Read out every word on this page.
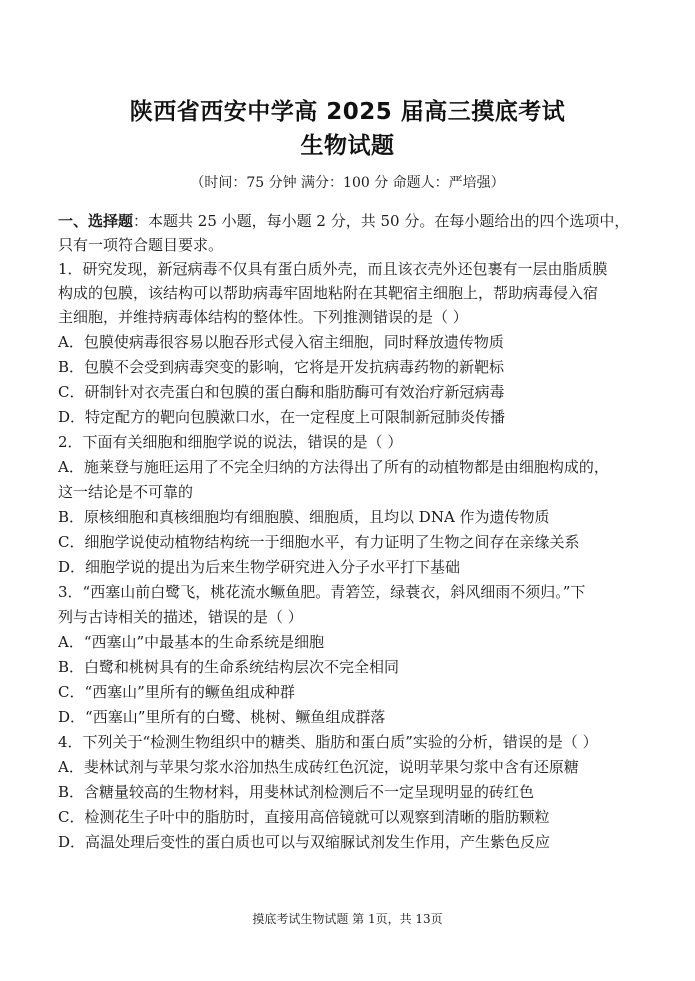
陕西省西安中学高 2025 届高三摸底考试
生物试题
（时间：75 分钟 满分：100 分 命题人：严培强）
一、选择题：本题共 25 小题，每小题 2 分，共 50 分。在每小题给出的四个选项中，
只有一项符合题目要求。
1．研究发现，新冠病毒不仅具有蛋白质外壳，而且该衣壳外还包裹有一层由脂质膜
构成的包膜，该结构可以帮助病毒牢固地粘附在其靶宿主细胞上，帮助病毒侵入宿
主细胞，并维持病毒体结构的整体性。下列推测错误的是（ ）
A．包膜使病毒很容易以胞吞形式侵入宿主细胞，同时释放遗传物质
B．包膜不会受到病毒突变的影响，它将是开发抗病毒药物的新靶标
C．研制针对衣壳蛋白和包膜的蛋白酶和脂肪酶可有效治疗新冠病毒
D．特定配方的靶向包膜漱口水，在一定程度上可限制新冠肺炎传播
2．下面有关细胞和细胞学说的说法，错误的是（ ）
A．施莱登与施旺运用了不完全归纳的方法得出了所有的动植物都是由细胞构成的，
这一结论是不可靠的
B．原核细胞和真核细胞均有细胞膜、细胞质，且均以 DNA 作为遗传物质
C．细胞学说使动植物结构统一于细胞水平，有力证明了生物之间存在亲缘关系
D．细胞学说的提出为后来生物学研究进入分子水平打下基础
3．“西塞山前白鹭飞，桃花流水鳜鱼肥。青箬笠，绿蓑衣，斜风细雨不须归。”下
列与古诗相关的描述，错误的是（ ）
A．“西塞山”中最基本的生命系统是细胞
B．白鹭和桃树具有的生命系统结构层次不完全相同
C．“西塞山”里所有的鳜鱼组成种群
D．“西塞山”里所有的白鹭、桃树、鳜鱼组成群落
4．下列关于“检测生物组织中的糖类、脂肪和蛋白质”实验的分析，错误的是（ ）
A．斐林试剂与苹果匀浆水浴加热生成砖红色沉淀，说明苹果匀浆中含有还原糖
B．含糖量较高的生物材料，用斐林试剂检测后不一定呈现明显的砖红色
C．检测花生子叶中的脂肪时，直接用高倍镜就可以观察到清晰的脂肪颗粒
D．高温处理后变性的蛋白质也可以与双缩脲试剂发生作用，产生紫色反应
摸底考试生物试题 第 1页，共 13页
